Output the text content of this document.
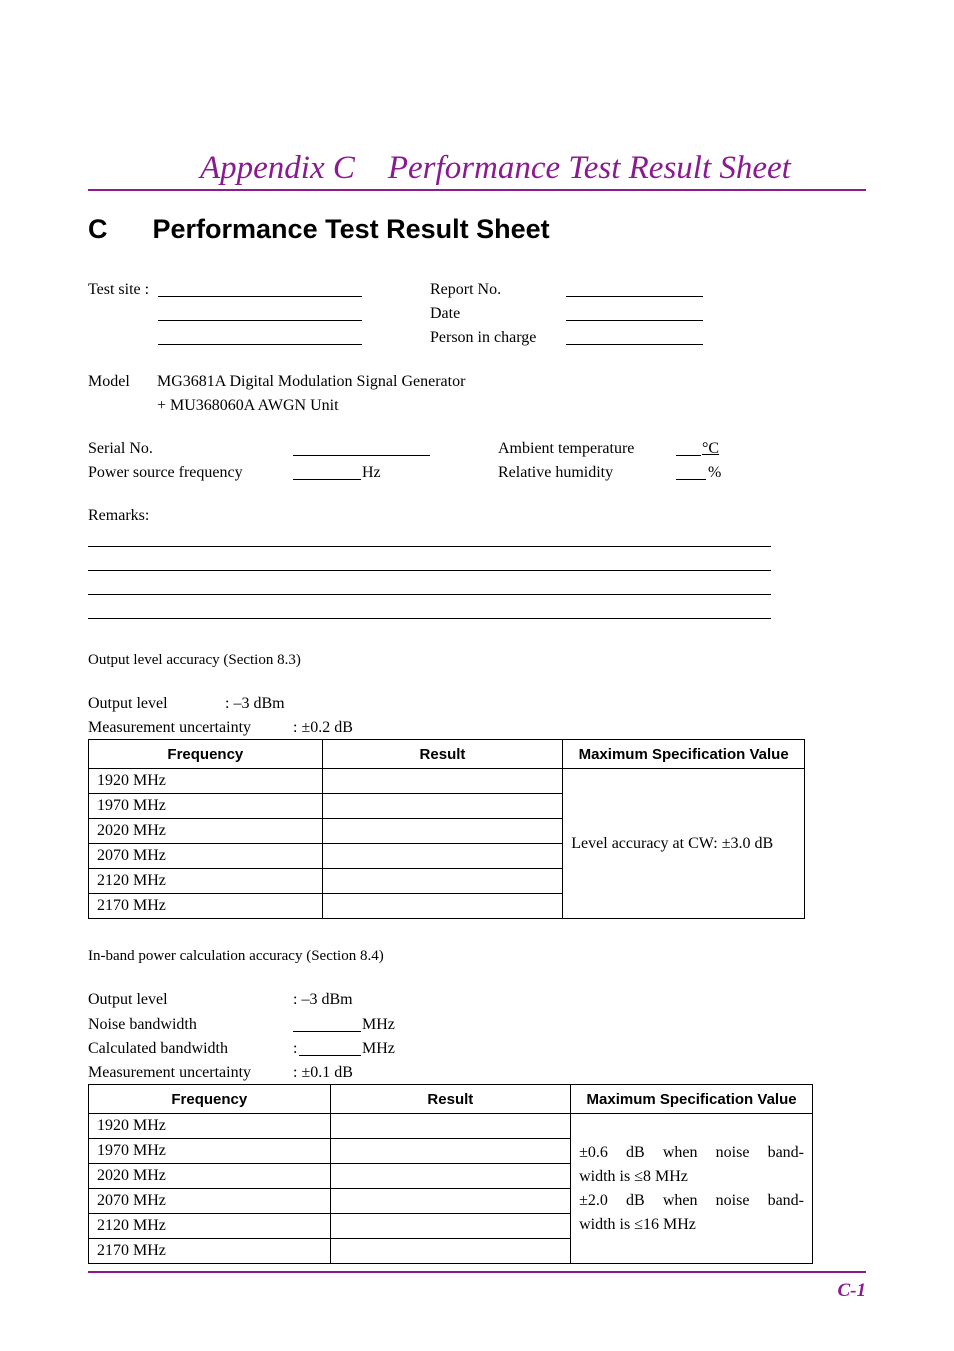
Appendix C    Performance Test Result Sheet
C      Performance Test Result Sheet
Test site :	Report No.
Date
Person in charge
Model MG3681A Digital Modulation Signal Generator
+ MU368060A AWGN Unit
Serial No.
Power source frequency	Hz
Ambient temperature	°C
Relative humidity	%
Remarks:
Output level accuracy (Section 8.3)
Output level	: –3 dBm
Measurement uncertainty	: ±0.2 dB
Frequency	Result	Maximum Specification Value
1920 MHz		Level accuracy at CW: ±3.0 dB
1970 MHz		
2020 MHz		
2070 MHz		
2120 MHz		
2170 MHz		
In-band power calculation accuracy (Section 8.4)
Output level	: –3 dBm
Noise bandwidth	MHz
Calculated bandwidth	:	MHz
Measurement uncertainty	: ±0.1 dB
Frequency	Result	Maximum Specification Value
1920 MHz		±0.6  dB  when  noise  band-
width is ≤8 MHz
±2.0  dB  when  noise  band-
width is ≤16 MHz

1970 MHz		
2020 MHz		
2070 MHz		
2120 MHz		
2170 MHz		
C-1
